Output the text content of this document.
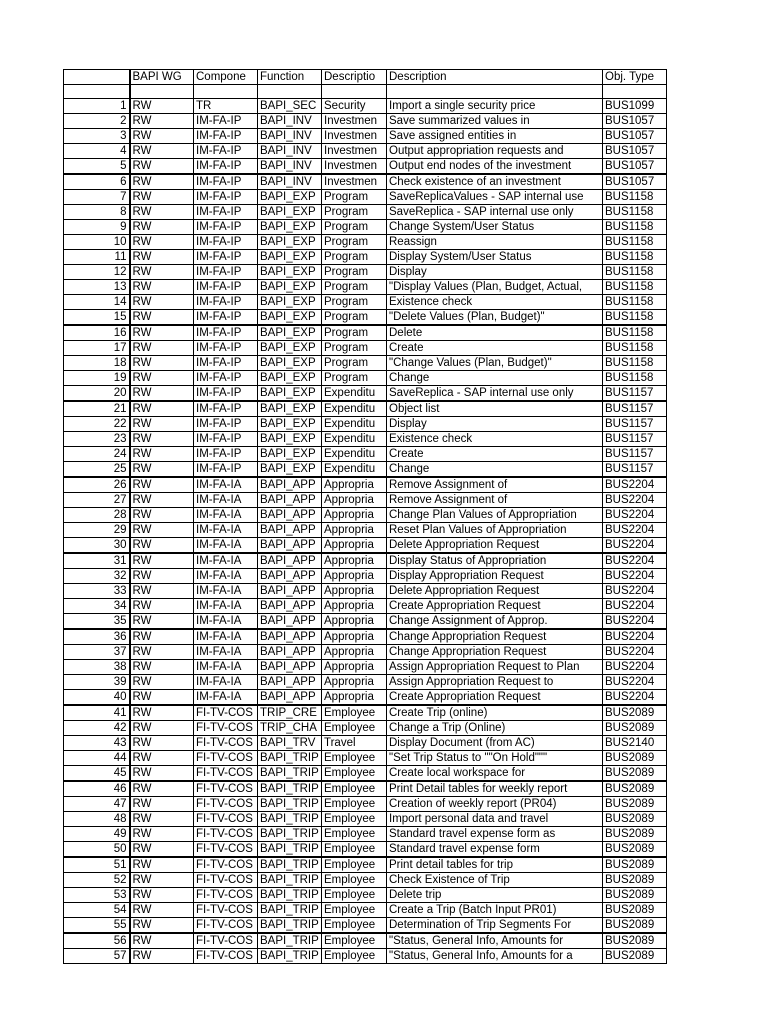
	BAPI WG	Compone	Function	Descriptio	Description	Obj. Type

1	RW	TR	BAPI_SEC	Security	Import a single security price	BUS1099
2	RW	IM-FA-IP	BAPI_INV	Investmen	Save summarized values in	BUS1057
3	RW	IM-FA-IP	BAPI_INV	Investmen	Save assigned entities in	BUS1057
4	RW	IM-FA-IP	BAPI_INV	Investmen	Output appropriation requests and	BUS1057
5	RW	IM-FA-IP	BAPI_INV	Investmen	Output end nodes of the investment	BUS1057
6	RW	IM-FA-IP	BAPI_INV	Investmen	Check existence of an investment	BUS1057
7	RW	IM-FA-IP	BAPI_EXP	Program	SaveReplicaValues - SAP internal use	BUS1158
8	RW	IM-FA-IP	BAPI_EXP	Program	SaveReplica - SAP internal use only	BUS1158
9	RW	IM-FA-IP	BAPI_EXP	Program	Change System/User Status	BUS1158
10	RW	IM-FA-IP	BAPI_EXP	Program	Reassign	BUS1158
11	RW	IM-FA-IP	BAPI_EXP	Program	Display System/User Status	BUS1158
12	RW	IM-FA-IP	BAPI_EXP	Program	Display	BUS1158
13	RW	IM-FA-IP	BAPI_EXP	Program	"Display Values (Plan, Budget, Actual,	BUS1158
14	RW	IM-FA-IP	BAPI_EXP	Program	Existence check	BUS1158
15	RW	IM-FA-IP	BAPI_EXP	Program	"Delete Values (Plan, Budget)"	BUS1158
16	RW	IM-FA-IP	BAPI_EXP	Program	Delete	BUS1158
17	RW	IM-FA-IP	BAPI_EXP	Program	Create	BUS1158
18	RW	IM-FA-IP	BAPI_EXP	Program	"Change Values (Plan, Budget)"	BUS1158
19	RW	IM-FA-IP	BAPI_EXP	Program	Change	BUS1158
20	RW	IM-FA-IP	BAPI_EXP	Expenditu	SaveReplica - SAP internal use only	BUS1157
21	RW	IM-FA-IP	BAPI_EXP	Expenditu	Object list	BUS1157
22	RW	IM-FA-IP	BAPI_EXP	Expenditu	Display	BUS1157
23	RW	IM-FA-IP	BAPI_EXP	Expenditu	Existence check	BUS1157
24	RW	IM-FA-IP	BAPI_EXP	Expenditu	Create	BUS1157
25	RW	IM-FA-IP	BAPI_EXP	Expenditu	Change	BUS1157
26	RW	IM-FA-IA	BAPI_APP	Appropria	Remove Assignment of	BUS2204
27	RW	IM-FA-IA	BAPI_APP	Appropria	Remove Assignment of	BUS2204
28	RW	IM-FA-IA	BAPI_APP	Appropria	Change Plan Values of Appropriation	BUS2204
29	RW	IM-FA-IA	BAPI_APP	Appropria	Reset Plan Values of Appropriation	BUS2204
30	RW	IM-FA-IA	BAPI_APP	Appropria	Delete Appropriation Request	BUS2204
31	RW	IM-FA-IA	BAPI_APP	Appropria	Display Status of Appropriation	BUS2204
32	RW	IM-FA-IA	BAPI_APP	Appropria	Display Appropriation Request	BUS2204
33	RW	IM-FA-IA	BAPI_APP	Appropria	Delete Appropriation Request	BUS2204
34	RW	IM-FA-IA	BAPI_APP	Appropria	Create Appropriation Request	BUS2204
35	RW	IM-FA-IA	BAPI_APP	Appropria	Change Assignment of Approp.	BUS2204
36	RW	IM-FA-IA	BAPI_APP	Appropria	Change Appropriation Request	BUS2204
37	RW	IM-FA-IA	BAPI_APP	Appropria	Change Appropriation Request	BUS2204
38	RW	IM-FA-IA	BAPI_APP	Appropria	Assign Appropriation Request to Plan	BUS2204
39	RW	IM-FA-IA	BAPI_APP	Appropria	Assign Appropriation Request to	BUS2204
40	RW	IM-FA-IA	BAPI_APP	Appropria	Create Appropriation Request	BUS2204
41	RW	FI-TV-COS	TRIP_CRE	Employee	Create Trip (online)	BUS2089
42	RW	FI-TV-COS	TRIP_CHA	Employee	Change a Trip (Online)	BUS2089
43	RW	FI-TV-COS	BAPI_TRV	Travel	Display Document (from AC)	BUS2140
44	RW	FI-TV-COS	BAPI_TRIP	Employee	"Set Trip Status to ""On Hold"""	BUS2089
45	RW	FI-TV-COS	BAPI_TRIP	Employee	Create local workspace for	BUS2089
46	RW	FI-TV-COS	BAPI_TRIP	Employee	Print Detail tables for weekly report	BUS2089
47	RW	FI-TV-COS	BAPI_TRIP	Employee	Creation of weekly report (PR04)	BUS2089
48	RW	FI-TV-COS	BAPI_TRIP	Employee	Import personal data and travel	BUS2089
49	RW	FI-TV-COS	BAPI_TRIP	Employee	Standard travel expense form as	BUS2089
50	RW	FI-TV-COS	BAPI_TRIP	Employee	Standard travel expense form	BUS2089
51	RW	FI-TV-COS	BAPI_TRIP	Employee	Print detail tables for trip	BUS2089
52	RW	FI-TV-COS	BAPI_TRIP	Employee	Check Existence of Trip	BUS2089
53	RW	FI-TV-COS	BAPI_TRIP	Employee	Delete trip	BUS2089
54	RW	FI-TV-COS	BAPI_TRIP	Employee	Create a Trip (Batch Input PR01)	BUS2089
55	RW	FI-TV-COS	BAPI_TRIP	Employee	Determination of Trip Segments For	BUS2089
56	RW	FI-TV-COS	BAPI_TRIP	Employee	"Status, General Info, Amounts for	BUS2089
57	RW	FI-TV-COS	BAPI_TRIP	Employee	"Status, General Info, Amounts for a	BUS2089
